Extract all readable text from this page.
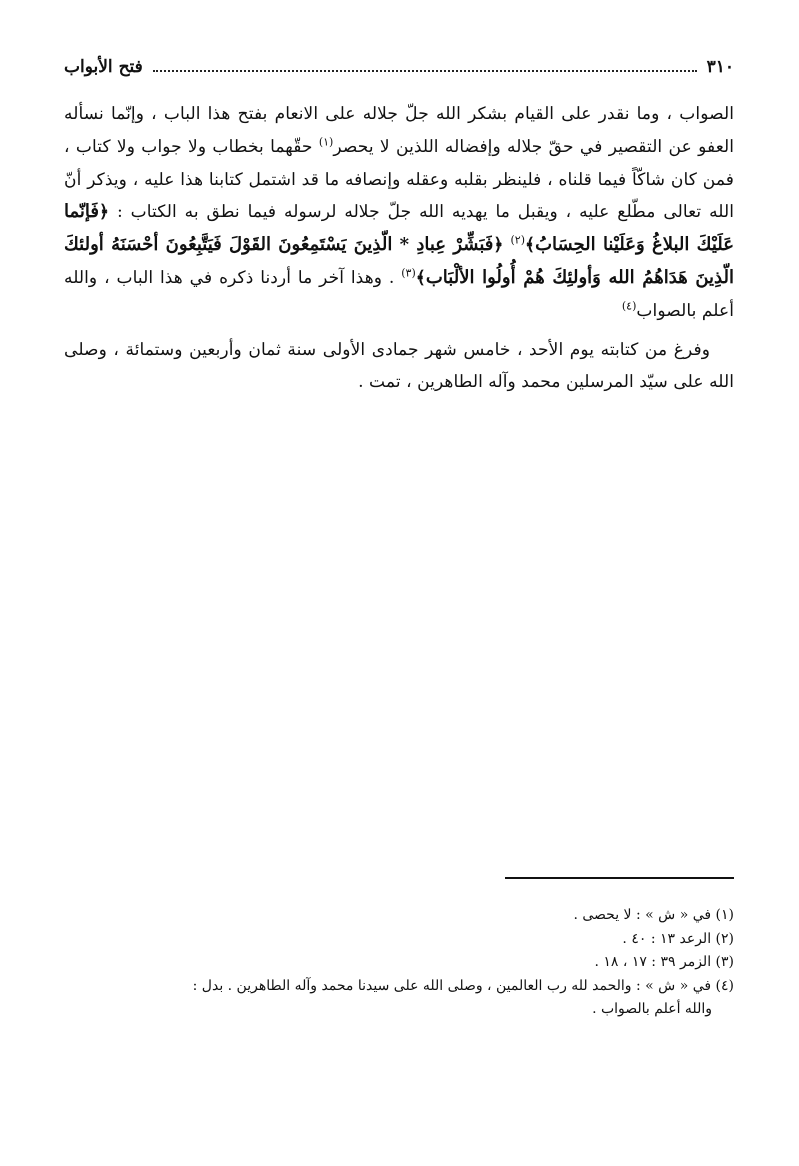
٣١٠
فتح الأبواب

الصواب ، وما نقدر على القيام بشكر الله جلّ جلاله على الانعام بفتح هذا الباب ، وإنّما نسأله العفو عن التقصير في حقّ جلاله وإفضاله اللذين لا يحصر$^{(١)}$ حقّهما بخطاب ولا جواب ولا كتاب ، فمن كان شاكّاً فيما قلناه ، فلينظر بقلبه وعقله وإنصافه ما قد اشتمل كتابنا هذا عليه ، ويذكر أنّ الله تعالى مطّلع عليه ، ويقبل ما يهديه الله جلّ جلاله لرسوله فيما نطق به الكتاب : ﴿فَإنّما عَلَيْكَ البلاغُ وَعَلَيْنا الحِسَابُ﴾$^{(٢)}$ ﴿فَبَشِّرْ عِبادِ * الّذِينَ يَسْتَمِعُونَ القَوْلَ فَيَتَّبِعُونَ أحْسَنَهُ أولئكَ الّذِينَ هَدَاهُمُ الله وَأولئِكَ هُمْ أُولُوا الألْبَاب﴾$^{(٣)}$ . وهذا آخر ما أردنا ذكره في هذا الباب ، والله أعلم بالصواب$^{(٤)}$

وفرغ من كتابته يوم الأحد ، خامس شهر جمادى الأولى سنة ثمان وأربعين وستمائة ، وصلى الله على سيّد المرسلين محمد وآله الطاهرين ، تمت .

(١) في « ش » : لا يحصى .

(٢) الرعد ١٣ : ٤٠ .

(٣) الزمر ٣٩ : ١٧ ، ١٨ .

(٤) في « ش » : والحمد لله رب العالمين ، وصلى الله على سيدنا محمد وآله الطاهرين . بدل :

والله أعلم بالصواب .
